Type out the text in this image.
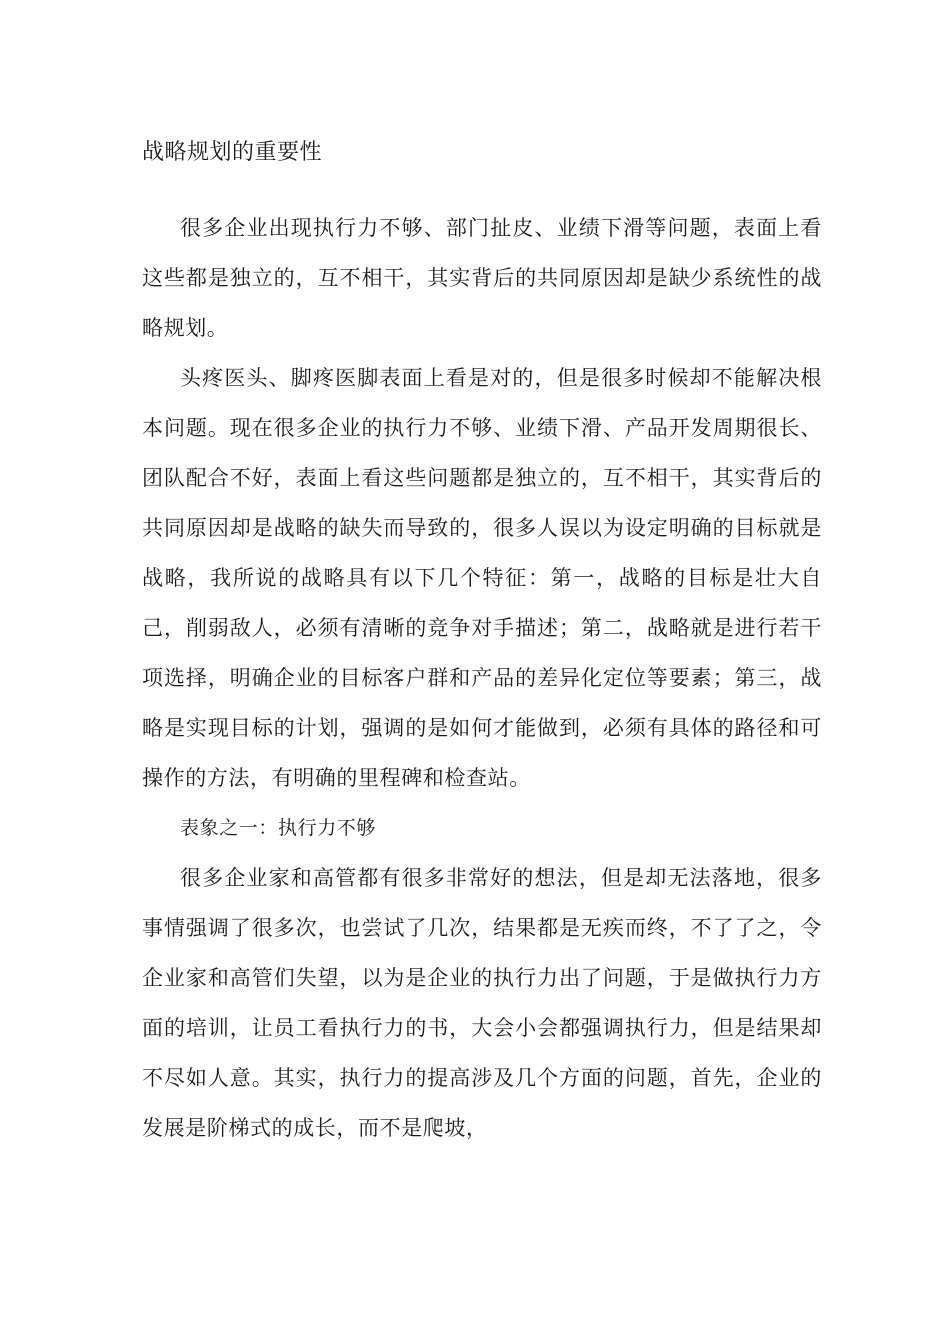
战略规划的重要性

很多企业出现执行力不够、部门扯皮、业绩下滑等问题，表面上看这些都是独立的，互不相干，其实背后的共同原因却是缺少系统性的战略规划。

头疼医头、脚疼医脚表面上看是对的，但是很多时候却不能解决根本问题。现在很多企业的执行力不够、业绩下滑、产品开发周期很长、团队配合不好，表面上看这些问题都是独立的，互不相干，其实背后的共同原因却是战略的缺失而导致的，很多人误以为设定明确的目标就是战略，我所说的战略具有以下几个特征：第一，战略的目标是壮大自己，削弱敌人，必须有清晰的竞争对手描述；第二，战略就是进行若干项选择，明确企业的目标客户群和产品的差异化定位等要素；第三，战略是实现目标的计划，强调的是如何才能做到，必须有具体的路径和可操作的方法，有明确的里程碑和检查站。

表象之一：执行力不够

很多企业家和高管都有很多非常好的想法，但是却无法落地，很多事情强调了很多次，也尝试了几次，结果都是无疾而终，不了了之，令企业家和高管们失望，以为是企业的执行力出了问题，于是做执行力方面的培训，让员工看执行力的书，大会小会都强调执行力，但是结果却不尽如人意。其实，执行力的提高涉及几个方面的问题，首先，企业的发展是阶梯式的成长，而不是爬坡，
